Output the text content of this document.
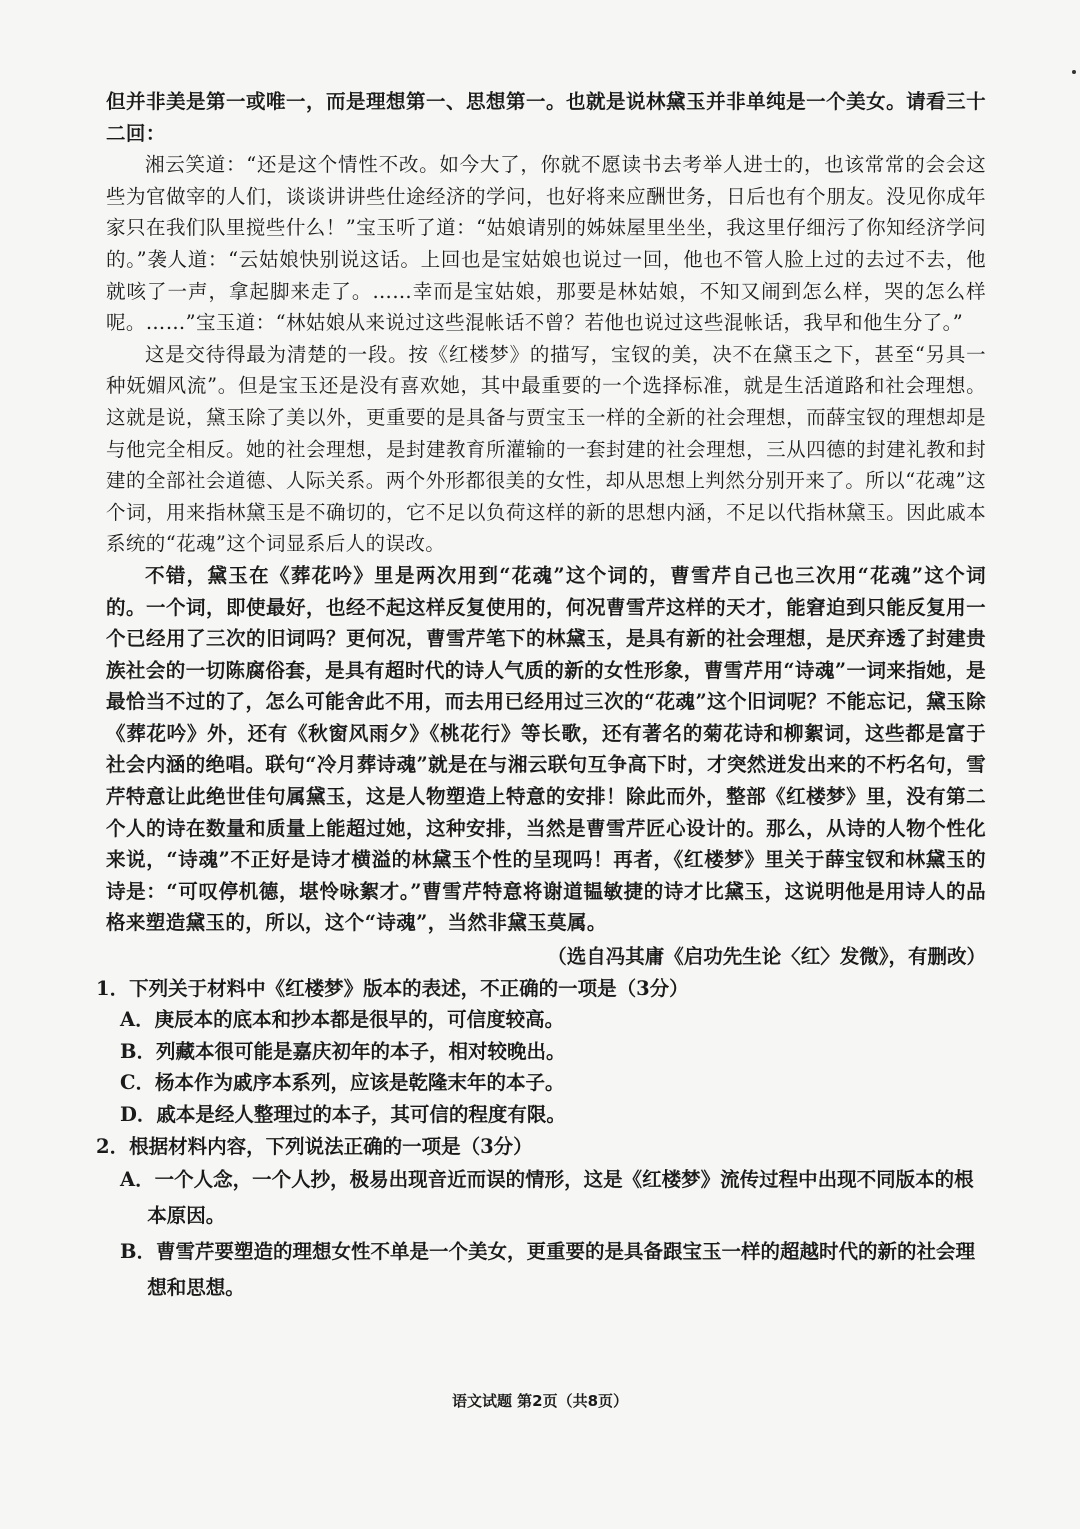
但并非美是第一或唯一，而是理想第一、思想第一。也就是说林黛玉并非单纯是一个美女。请看三十二回：

湘云笑道：“还是这个情性不改。如今大了，你就不愿读书去考举人进士的，也该常常的会会这些为官做宰的人们，谈谈讲讲些仕途经济的学问，也好将来应酬世务，日后也有个朋友。没见你成年家只在我们队里搅些什么！”宝玉听了道：“姑娘请别的姊妹屋里坐坐，我这里仔细污了你知经济学问的。”袭人道：“云姑娘快别说这话。上回也是宝姑娘也说过一回，他也不管人脸上过的去过不去，他就咳了一声，拿起脚来走了。……幸而是宝姑娘，那要是林姑娘，不知又闹到怎么样，哭的怎么样呢。……”宝玉道：“林姑娘从来说过这些混帐话不曾？若他也说过这些混帐话，我早和他生分了。”

这是交待得最为清楚的一段。按《红楼梦》的描写，宝钗的美，决不在黛玉之下，甚至“另具一种妩媚风流”。但是宝玉还是没有喜欢她，其中最重要的一个选择标准，就是生活道路和社会理想。这就是说，黛玉除了美以外，更重要的是具备与贾宝玉一样的全新的社会理想，而薛宝钗的理想却是与他完全相反。她的社会理想，是封建教育所灌输的一套封建的社会理想，三从四德的封建礼教和封建的全部社会道德、人际关系。两个外形都很美的女性，却从思想上判然分别开来了。所以“花魂”这个词，用来指林黛玉是不确切的，它不足以负荷这样的新的思想内涵，不足以代指林黛玉。因此戚本系统的“花魂”这个词显系后人的误改。

不错，黛玉在《葬花吟》里是两次用到“花魂”这个词的，曹雪芹自己也三次用“花魂”这个词的。一个词，即使最好，也经不起这样反复使用的，何况曹雪芹这样的天才，能窘迫到只能反复用一个已经用了三次的旧词吗？更何况，曹雪芹笔下的林黛玉，是具有新的社会理想，是厌弃透了封建贵族社会的一切陈腐俗套，是具有超时代的诗人气质的新的女性形象，曹雪芹用“诗魂”一词来指她，是最恰当不过的了，怎么可能舍此不用，而去用已经用过三次的“花魂”这个旧词呢？不能忘记，黛玉除《葬花吟》外，还有《秋窗风雨夕》《桃花行》等长歌，还有著名的菊花诗和柳絮词，这些都是富于社会内涵的绝唱。联句“冷月葬诗魂”就是在与湘云联句互争高下时，才突然迸发出来的不朽名句，雪芹特意让此绝世佳句属黛玉，这是人物塑造上特意的安排！除此而外，整部《红楼梦》里，没有第二个人的诗在数量和质量上能超过她，这种安排，当然是曹雪芹匠心设计的。那么，从诗的人物个性化来说，“诗魂”不正好是诗才横溢的林黛玉个性的呈现吗！再者，《红楼梦》里关于薛宝钗和林黛玉的诗是：“可叹停机德，堪怜咏絮才。”曹雪芹特意将谢道韫敏捷的诗才比黛玉，这说明他是用诗人的品格来塑造黛玉的，所以，这个“诗魂”，当然非黛玉莫属。

（选自冯其庸《启功先生论〈红〉发微》，有删改）

1．下列关于材料中《红楼梦》版本的表述，不正确的一项是（3分）

A．庚辰本的底本和抄本都是很早的，可信度较高。

B．列藏本很可能是嘉庆初年的本子，相对较晚出。

C．杨本作为戚序本系列，应该是乾隆末年的本子。

D．戚本是经人整理过的本子，其可信的程度有限。

2．根据材料内容，下列说法正确的一项是（3分）

A．一个人念，一个人抄，极易出现音近而误的情形，这是《红楼梦》流传过程中出现不同版本的根本原因。

B．曹雪芹要塑造的理想女性不单是一个美女，更重要的是具备跟宝玉一样的超越时代的新的社会理想和思想。

语文试题 第2页（共8页）
